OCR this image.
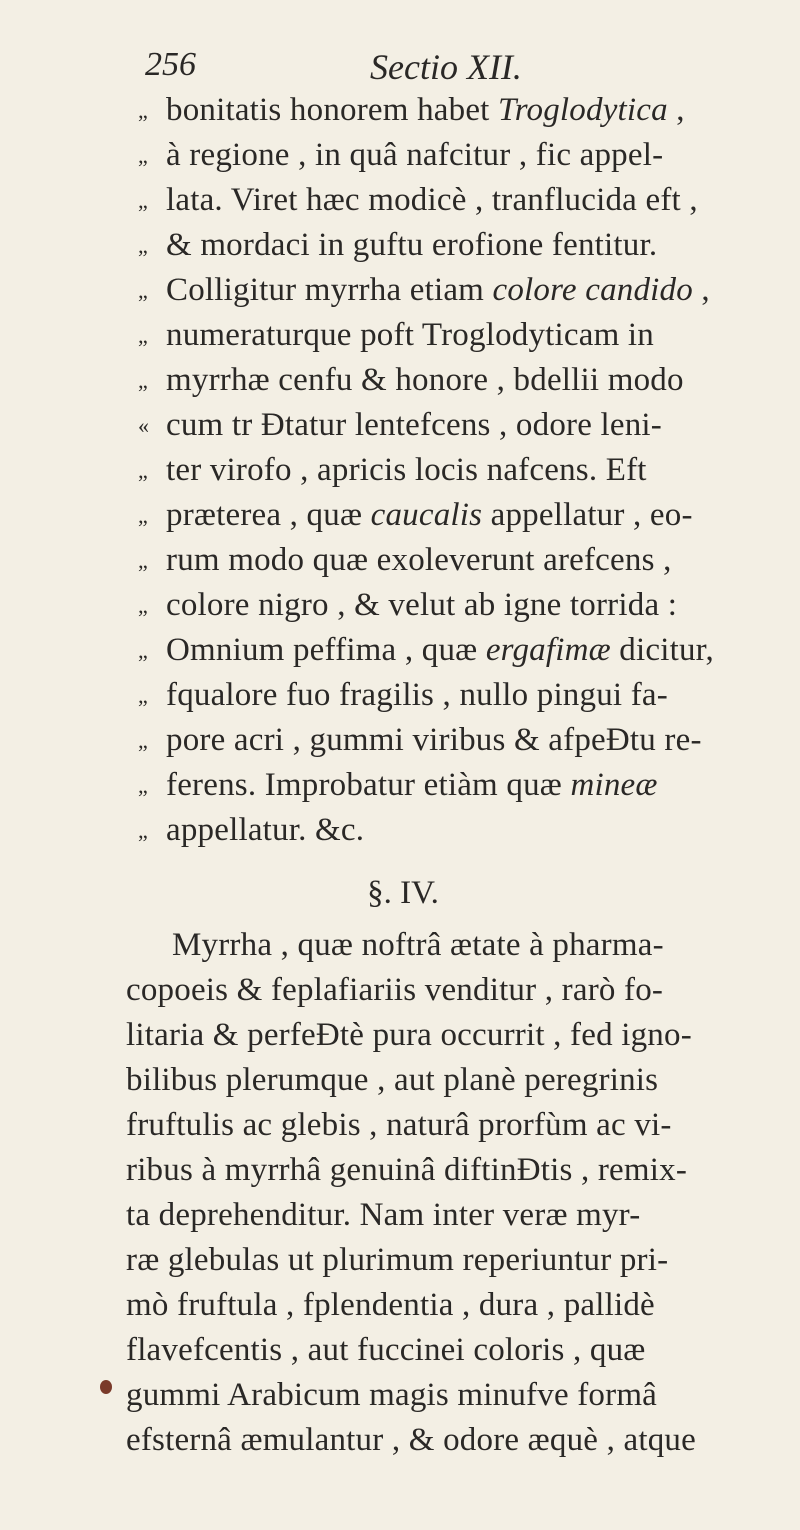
256	Sectio XII.
„ bonitatis honorem habet Troglodytica ,
„ à regione , in quâ nafcitur , fic appel-
„ lata. Viret hæc modicè , tranflucida eft ,
„ & mordaci in guftu erofione fentitur.
„ Colligitur myrrha etiam colore candido ,
„ numeraturque poft Troglodyticam in
„ myrrhæ cenfu & honore , bdellii modo
« cum tr Đtatur lentefcens , odore leni-
„ ter virofo , apricis locis nafcens. Eft
„ præterea , quæ caucalis appellatur , eo-
„ rum modo quæ exoleverunt arefcens ,
„ colore nigro , & velut ab igne torrida :
„ Omnium peffima , quæ ergafimæ dicitur,
„ fqualore fuo fragilis , nullo pingui fa-
„ pore acri , gummi viribus & afpeĐtu re-
„ ferens. Improbatur etiàm quæ mineæ
„ appellatur. &c.
§. IV.
Myrrha , quæ noftrâ ætate à pharma-
copoeis & feplafiariis venditur , rarò fo-
litaria & perfeĐtè pura occurrit , fed igno-
bilibus plerumque , aut planè peregrinis
fruftulis ac glebis , naturâ prorfùm ac vi-
ribus à myrrhâ genuinâ diftinĐtis , remix-
ta deprehenditur. Nam inter veræ myr-
ræ glebulas ut plurimum reperiuntur pri-
mò fruftula , fplendentia , dura , pallidè
flavefcentis , aut fuccinei coloris , quæ
gummi Arabicum magis minufve formâ
efsternâ æmulantur , & odore æquè , atque
